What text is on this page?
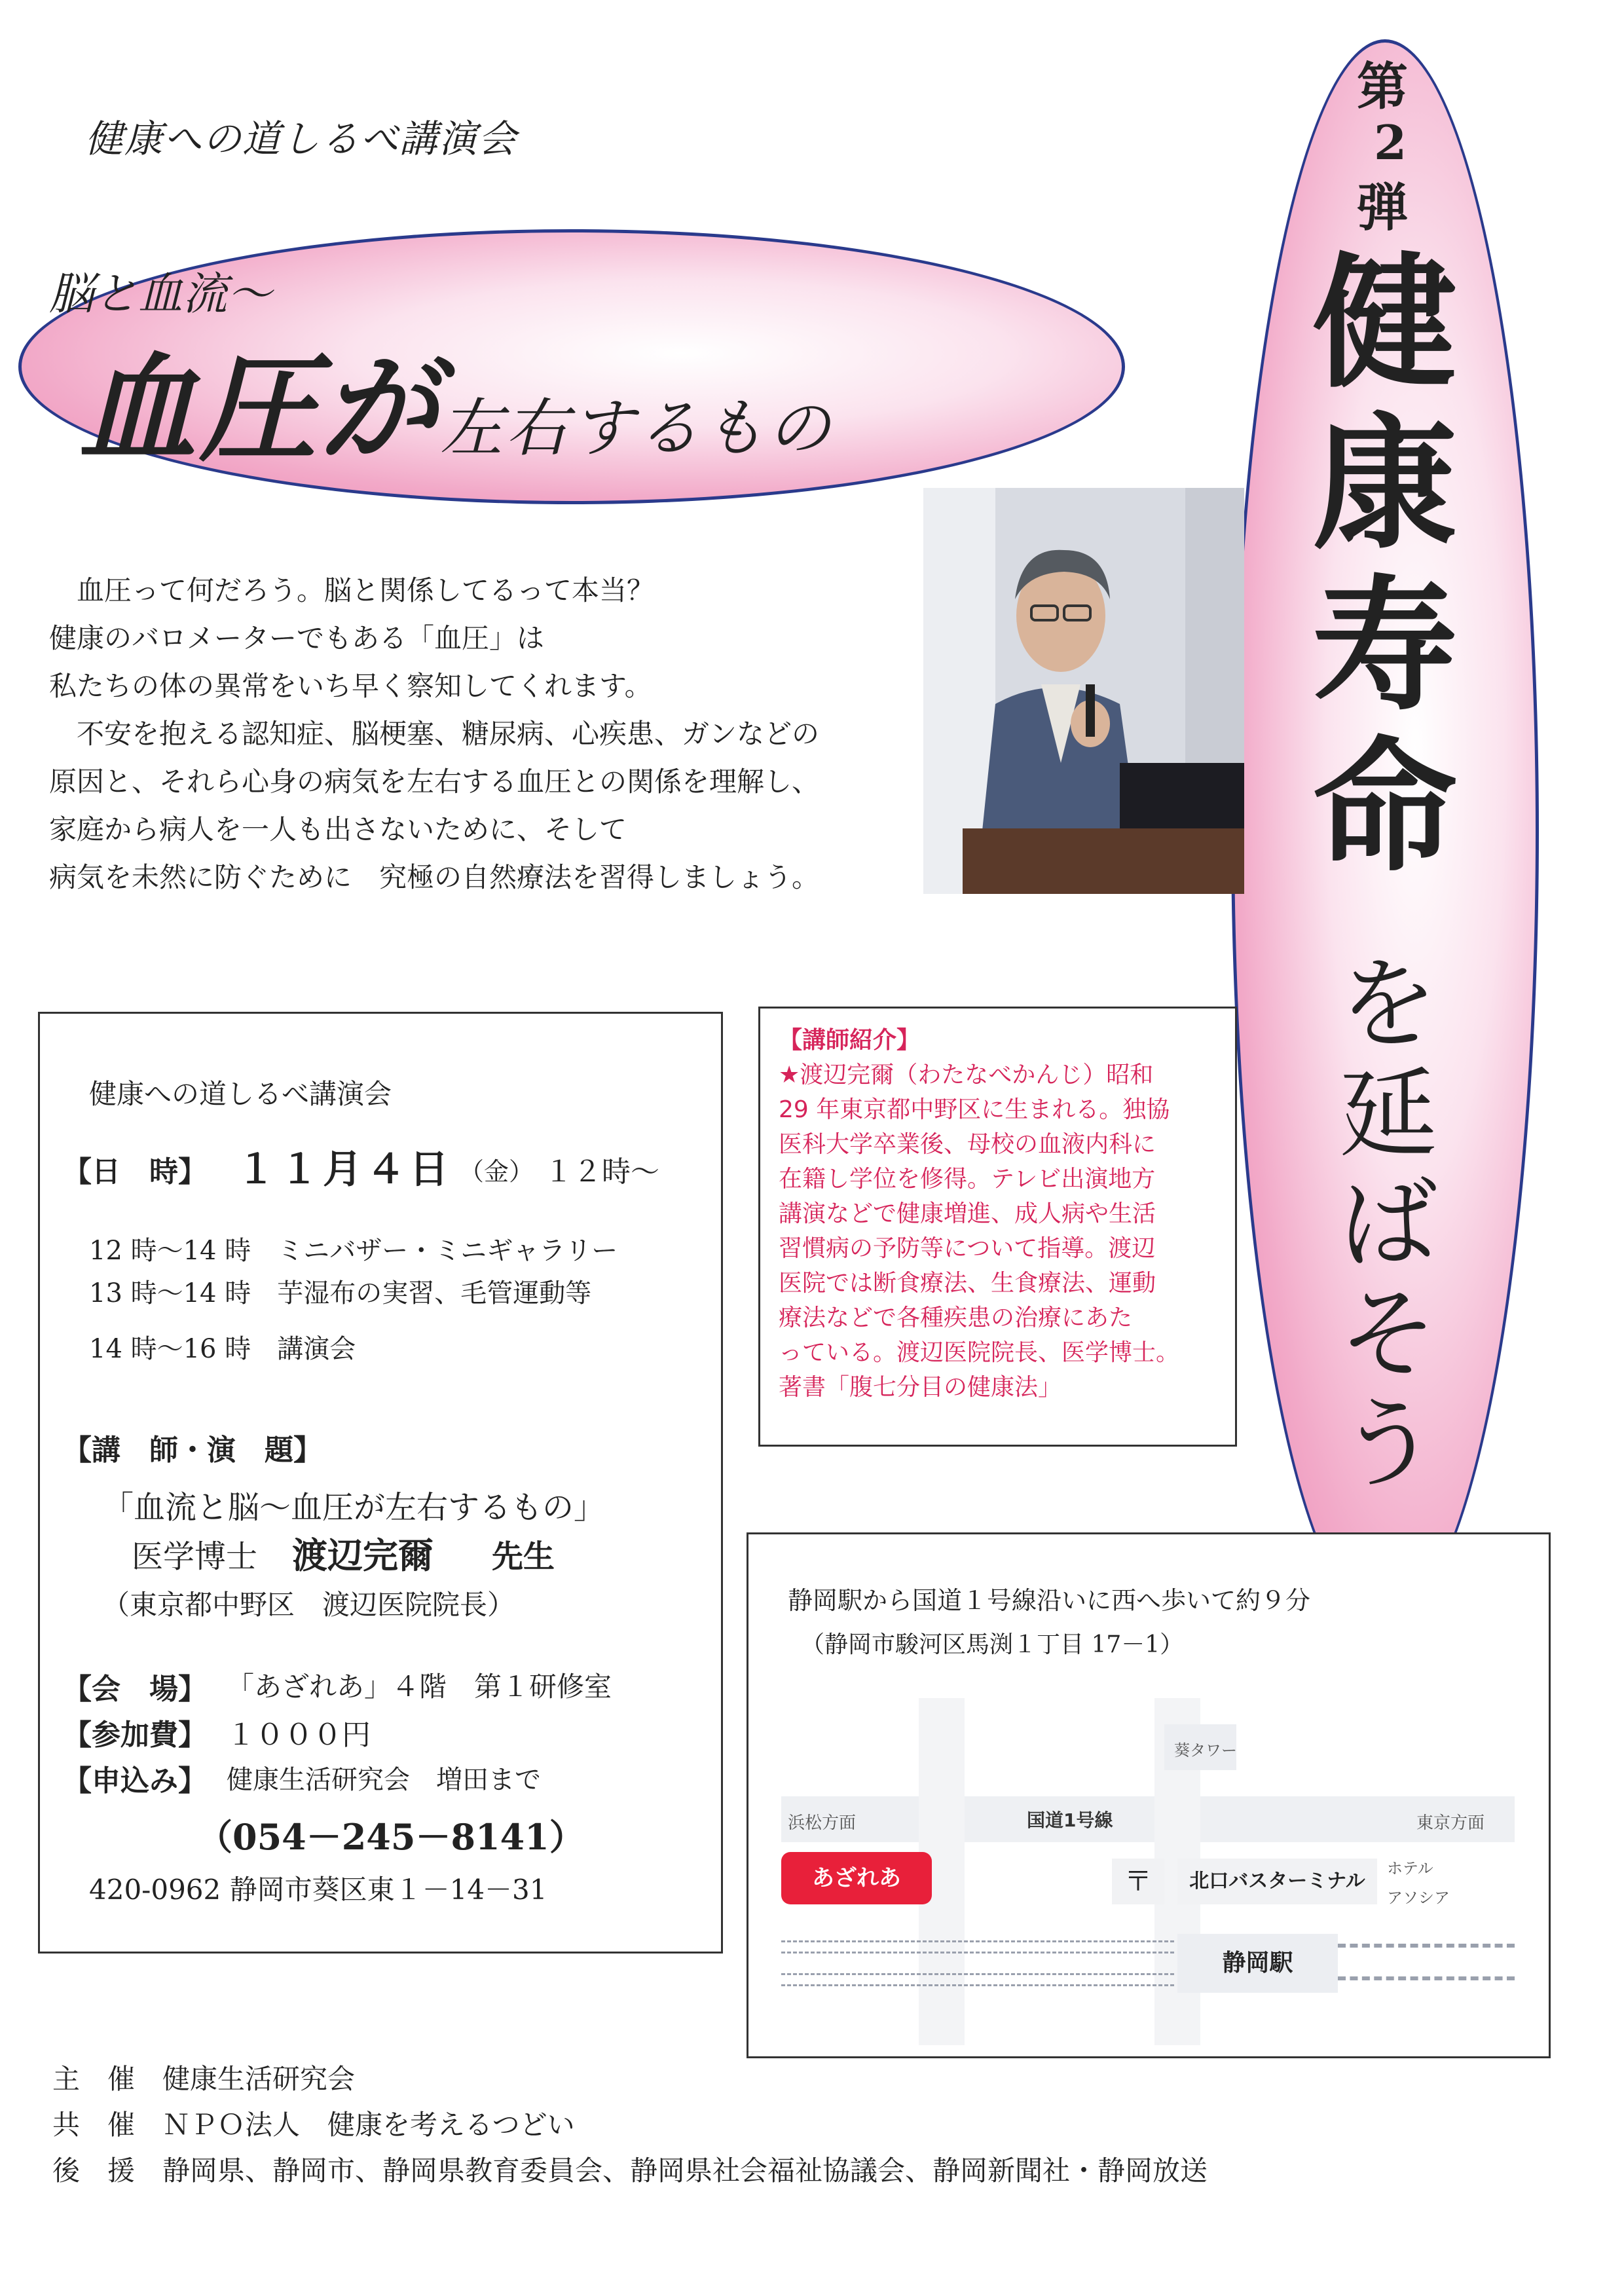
健康への道しるべ講演会
脳と血流～
血圧が左右するもの
第
2
弾
健
康
寿
命
を
延
ば
そ
う

　血圧って何だろう。脳と関係してるって本当？

健康のバロメーターでもある「血圧」は

私たちの体の異常をいち早く察知してくれます。

　不安を抱える認知症、脳梗塞、糖尿病、心疾患、ガンなどの

原因と、それら心身の病気を左右する血圧との関係を理解し、

家庭から病人を一人も出さないために、そして

病気を未然に防ぐために　究極の自然療法を習得しましょう。

健康への道しるべ講演会
【日　時】 １１月４日 （金） １２時～
12 時～14 時　ミニバザー・ミニギャラリー
13 時～14 時　芋湿布の実習、毛管運動等
14 時～16 時　講演会
【講　師・演　題】
「血流と脳～血圧が左右するもの」
医学博士 渡辺完爾 先生
（東京都中野区　渡辺医院院長）
【会　場】 「あざれあ」４階　第１研修室
【参加費】 １０００円
【申込み】 健康生活研究会　増田まで
（054－245－8141）
420-0962 静岡市葵区東１－14－31

【講師紹介】

★渡辺完爾（わたなべかんじ）昭和

29 年東京都中野区に生まれる。独協

医科大学卒業後、母校の血液内科に

在籍し学位を修得。テレビ出演地方

講演などで健康増進、成人病や生活

習慣病の予防等について指導。渡辺

医院では断食療法、生食療法、運動

療法などで各種疾患の治療にあた

っている。渡辺医院院長、医学博士。

著書「腹七分目の健康法」

静岡駅から国道１号線沿いに西へ歩いて約９分
（静岡市駿河区馬渕１丁目 17－1）
葵タワー
浜松方面	国道1号線	東京方面
あざれあ	〒	北口バスターミナル
ホテル
アソシア
静岡駅

主　催　 健康生活研究会

共　催　 ＮＰＯ法人　健康を考えるつどい

後　援　 静岡県、静岡市、静岡県教育委員会、静岡県社会福祉協議会、静岡新聞社・静岡放送
